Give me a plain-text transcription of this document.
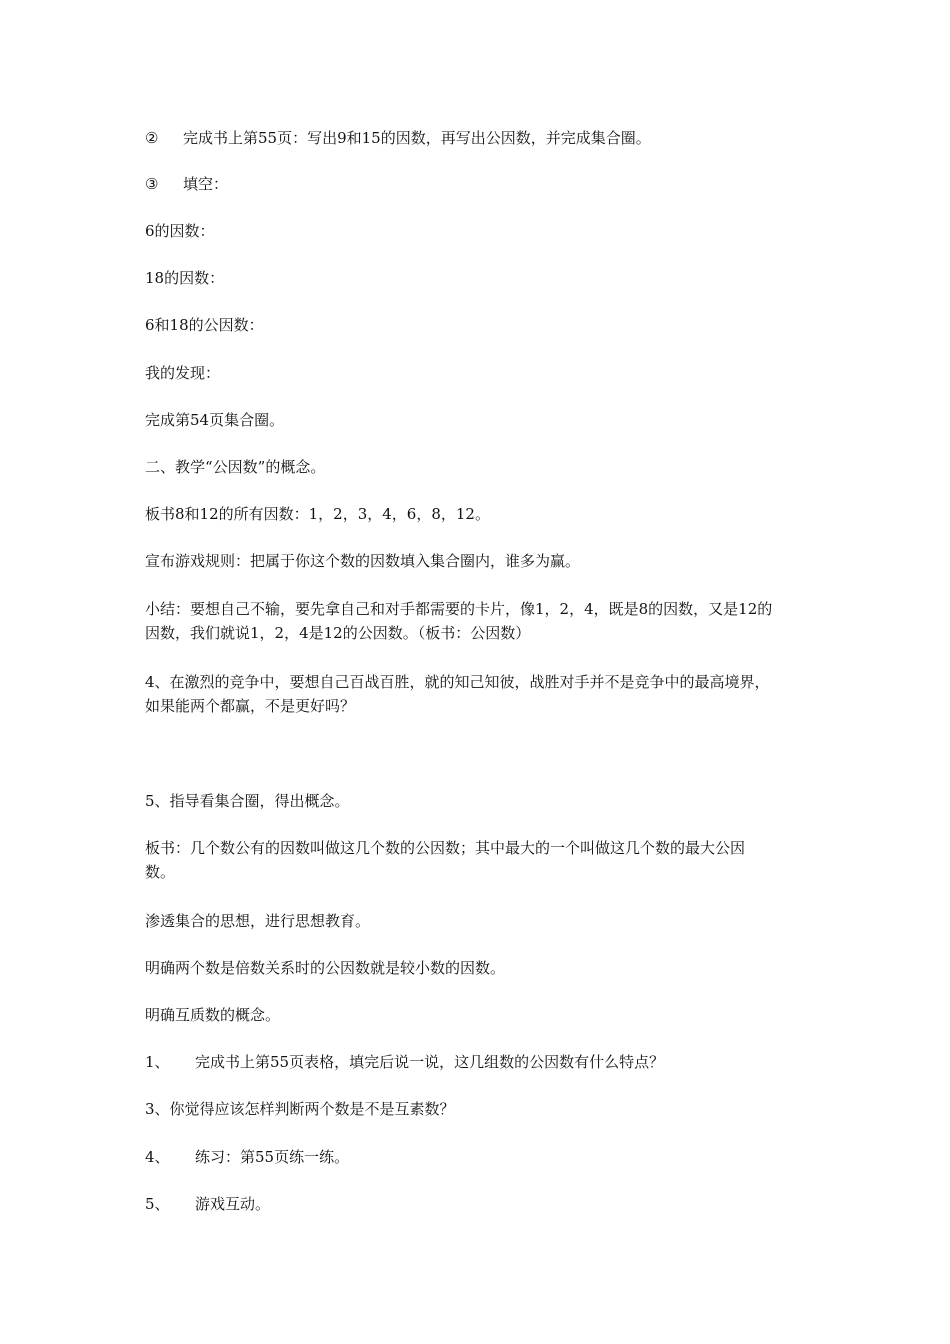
② 完成书上第55页：写出9和15的因数，再写出公因数，并完成集合圈。
③ 填空：
6的因数：
18的因数：
6和18的公因数：
我的发现：
完成第54页集合圈。
二、教学“公因数”的概念。
板书8和12的所有因数：1，2，3，4，6，8，12。
宣布游戏规则：把属于你这个数的因数填入集合圈内，谁多为赢。
小结：要想自己不输，要先拿自己和对手都需要的卡片，像1，2，4，既是8的因数，又是12的
因数，我们就说1，2，4是12的公因数。（板书：公因数）
4、在激烈的竞争中，要想自己百战百胜，就的知己知彼，战胜对手并不是竞争中的最高境界，
如果能两个都赢，不是更好吗？
5、指导看集合圈，得出概念。
板书：几个数公有的因数叫做这几个数的公因数；其中最大的一个叫做这几个数的最大公因
数。
渗透集合的思想，进行思想教育。
明确两个数是倍数关系时的公因数就是较小数的因数。
明确互质数的概念。
1、 完成书上第55页表格，填完后说一说，这几组数的公因数有什么特点？
3、你觉得应该怎样判断两个数是不是互素数？
4、 练习：第55页练一练。
5、 游戏互动。
